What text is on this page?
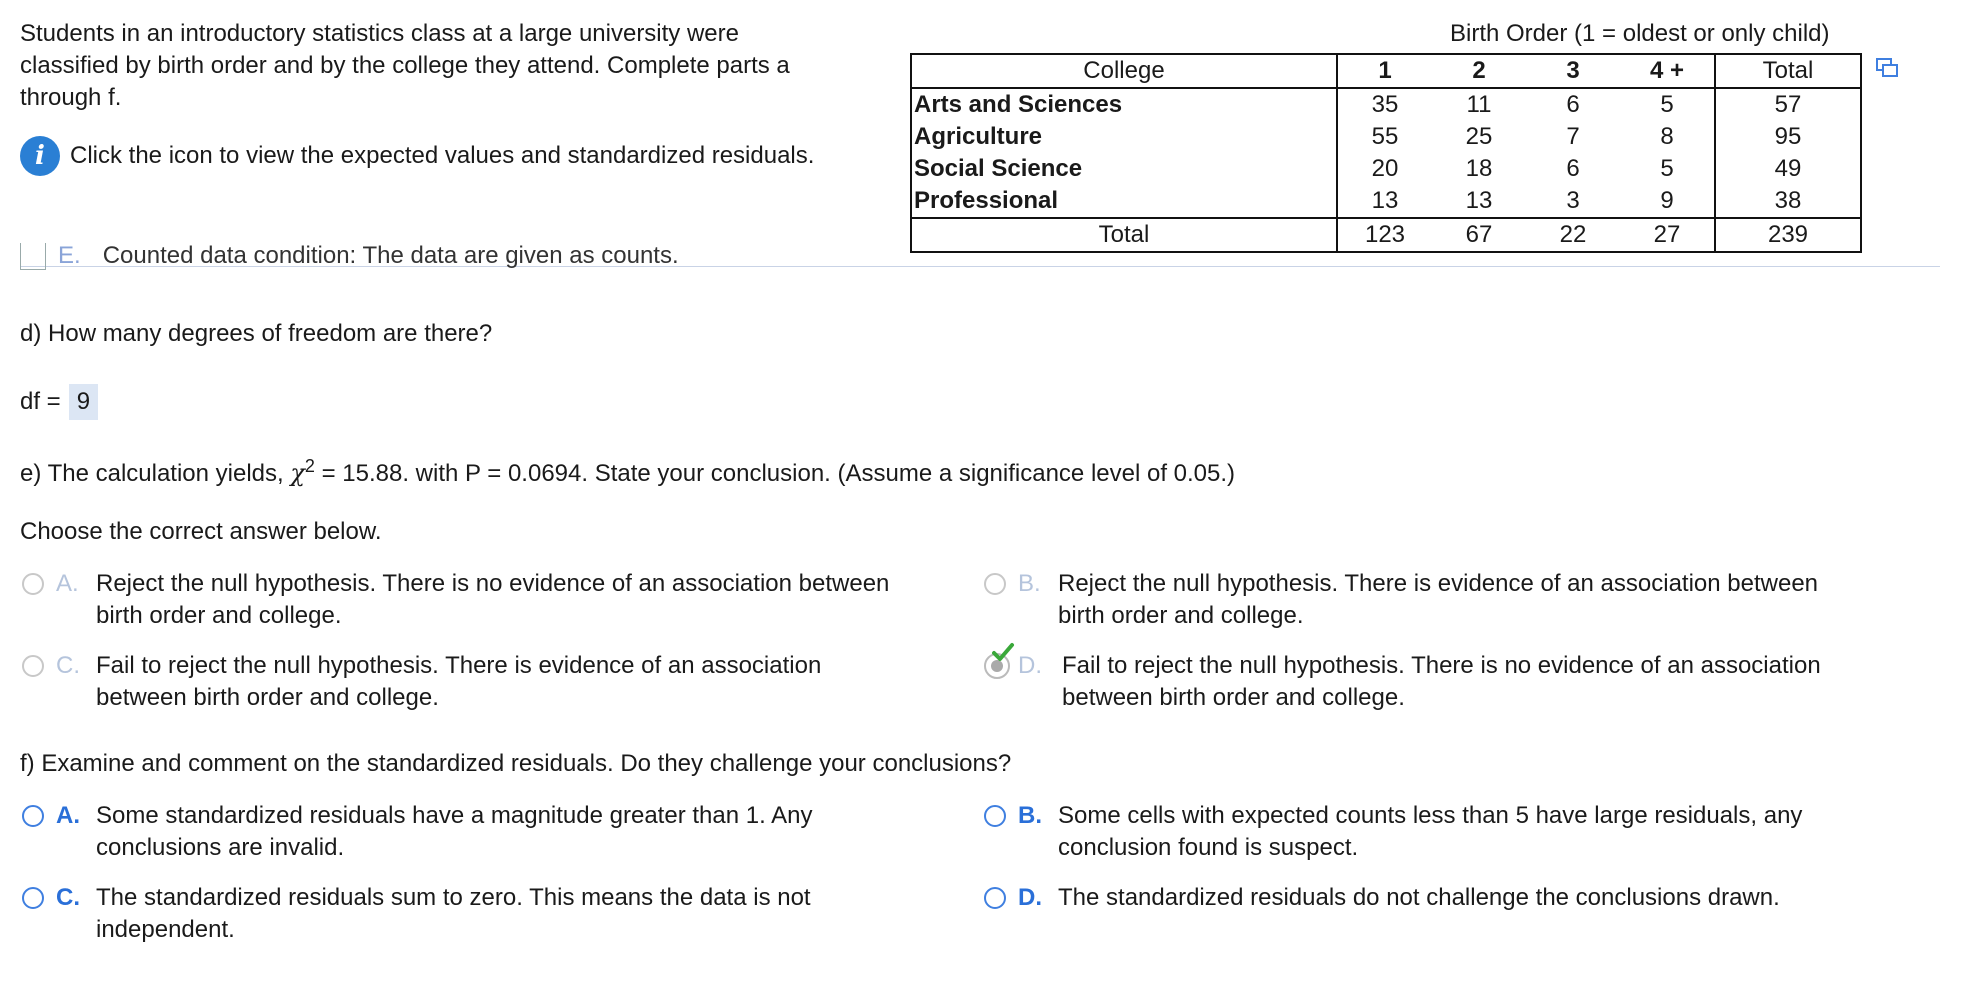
Students in an introductory statistics class at a large university were
classified by birth order and by the college they attend. Complete parts a
through f.
i	Click the icon to view the expected values and standardized residuals.
Birth Order (1 = oldest or only child)
College	1	2	3	4 +	Total
Arts and Sciences	35	11	6	5	57
Agriculture	55	25	7	8	95
Social Science	20	18	6	5	49
Professional	13	13	3	9	38
Total	123	67	22	27	239
E. Counted data condition: The data are given as counts.
d) How many degrees of freedom are there?
df = 9
e) The calculation yields, $\chi^2 = 15.88$. with P = 0.0694. State your conclusion. (Assume a significance level of 0.05.)
Choose the correct answer below.
A. Reject the null hypothesis. There is no evidence of an association between
birth order and college.
B. Reject the null hypothesis. There is evidence of an association between
birth order and college.
C. Fail to reject the null hypothesis. There is evidence of an association
between birth order and college.
D. Fail to reject the null hypothesis. There is no evidence of an association
between birth order and college.
f) Examine and comment on the standardized residuals. Do they challenge your conclusions?
A. Some standardized residuals have a magnitude greater than 1. Any
conclusions are invalid.
B. Some cells with expected counts less than 5 have large residuals, any
conclusion found is suspect.
C. The standardized residuals sum to zero. This means the data is not
independent.
D. The standardized residuals do not challenge the conclusions drawn.
